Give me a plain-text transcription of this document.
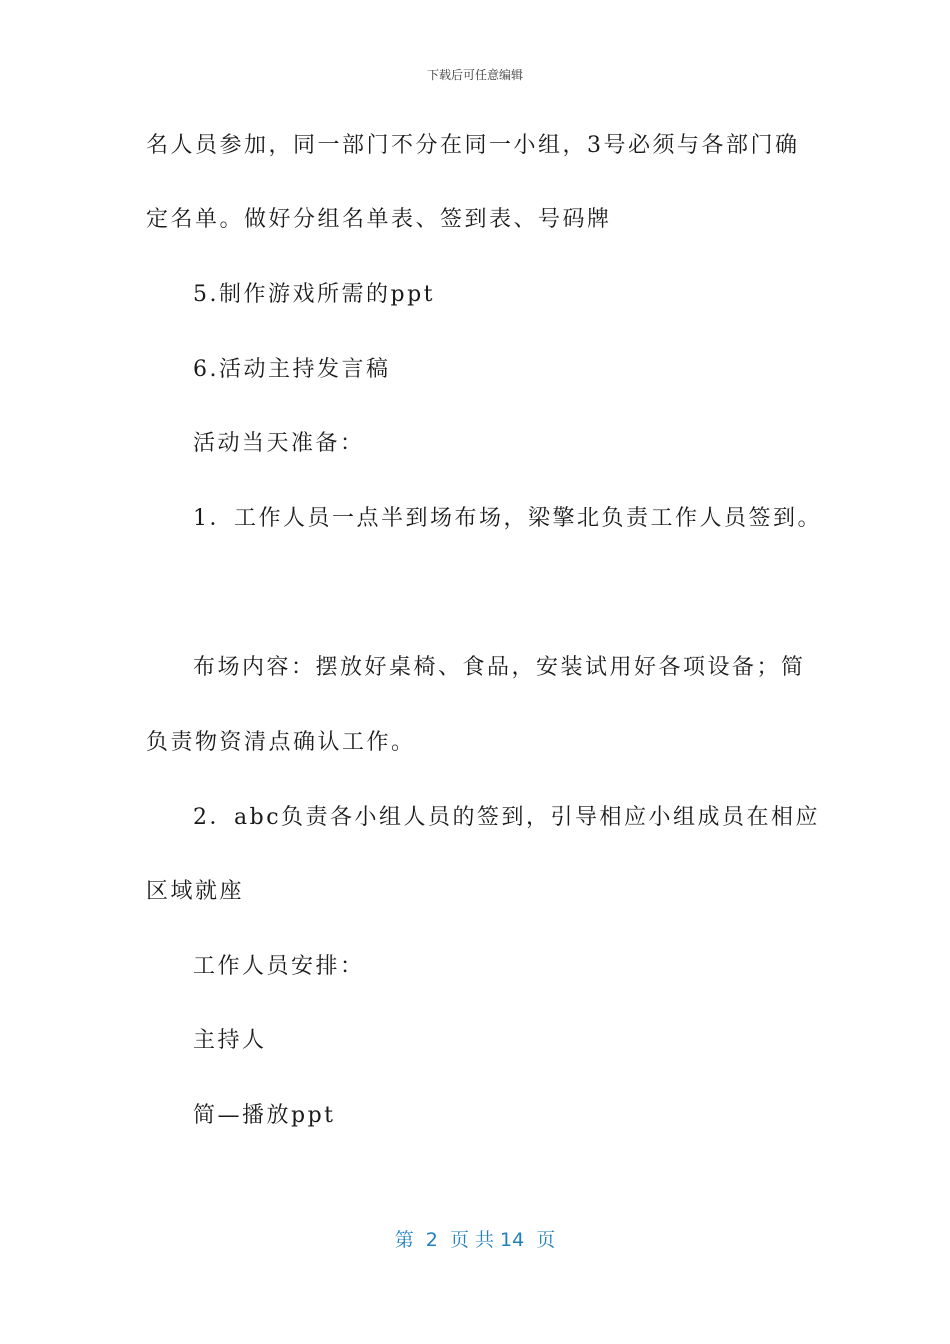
下载后可任意编辑
名人员参加，同一部门不分在同一小组，3号必须与各部门确
定名单。做好分组名单表、签到表、号码牌
5.制作游戏所需的ppt
6.活动主持发言稿
活动当天准备：
1．工作人员一点半到场布场，梁擎北负责工作人员签到。
布场内容：摆放好桌椅、食品，安装试用好各项设备；简
负责物资清点确认工作。
2．abc负责各小组人员的签到，引导相应小组成员在相应
区域就座
工作人员安排：
主持人
简—播放ppt
第  2  页 共 14  页
